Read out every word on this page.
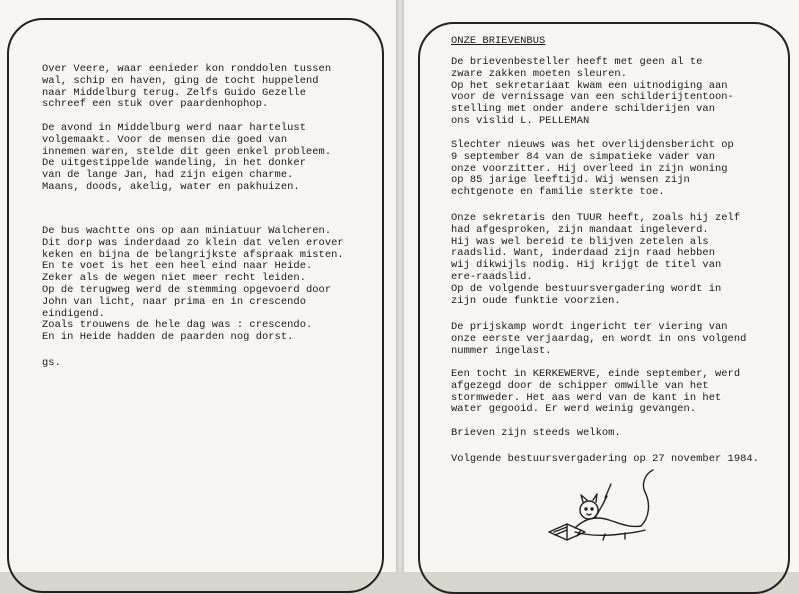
Over Veere, waar eenieder kon ronddolen tussen
wal, schip en haven, ging de tocht huppelend
naar Middelburg terug. Zelfs Guido Gezelle
schreef een stuk over paardenhophop.
De avond in Middelburg werd naar hartelust
volgemaakt. Voor de mensen die goed van
innemen waren, stelde dit geen enkel probleem.
De uitgestippelde wandeling, in het donker
van de lange Jan, had zijn eigen charme.
Maans, doods, akelig, water en pakhuizen.
De bus wachtte ons op aan miniatuur Walcheren.
Dit dorp was inderdaad zo klein dat velen erover
keken en bijna de belangrijkste afspraak misten.
En te voet is het een heel eind naar Heide.
Zeker als de wegen niet meer recht leiden.
Op de terugweg werd de stemming opgevoerd door
John van licht, naar prima en in crescendo
eindigend.
Zoals trouwens de hele dag was : crescendo.
En in Heide hadden de paarden nog dorst.
gs.
ONZE BRIEVENBUS
De brievenbesteller heeft met geen al te
zware zakken moeten sleuren.
Op het sekretariaat kwam een uitnodiging aan
voor de vernissage van een schilderijtentoon-
stelling met onder andere schilderijen van
ons vislid L. PELLEMAN
Slechter nieuws was het overlijdensbericht op
9 september 84 van de simpatieke vader van
onze voorzitter. Hij overleed in zijn woning
op 85 jarige leeftijd. Wij wensen zijn
echtgenote en familie sterkte toe.
Onze sekretaris den TUUR heeft, zoals hij zelf
had afgesproken, zijn mandaat ingeleverd.
Hij was wel bereid te blijven zetelen als
raadslid. Want, inderdaad zijn raad hebben
wij dikwijls nodig. Hij krijgt de titel van
ere-raadslid.
Op de volgende bestuursvergadering wordt in
zijn oude funktie voorzien.
De prijskamp wordt ingericht ter viering van
onze eerste verjaardag, en wordt in ons volgend
nummer ingelast.
Een tocht in KERKEWERVE, einde september, werd
afgezegd door de schipper omwille van het
stormweder. Het aas werd van de kant in het
water gegooid. Er werd weinig gevangen.
Brieven zijn steeds welkom.
Volgende bestuursvergadering op 27 november 1984.
